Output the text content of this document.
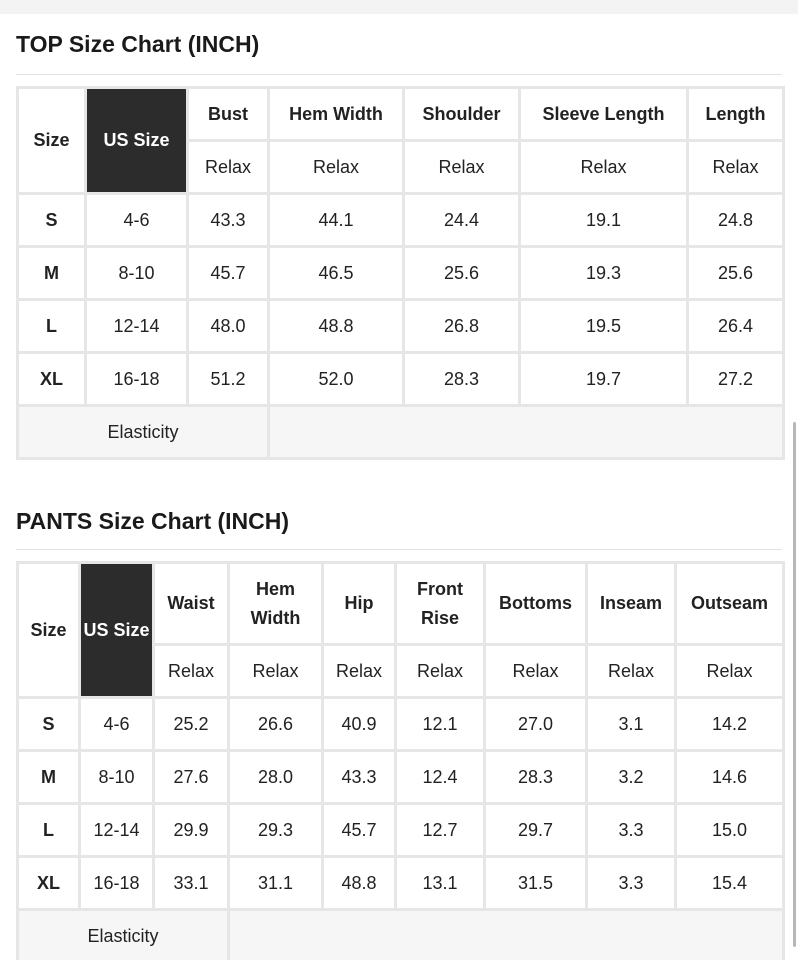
TOP Size Chart (INCH)
Size	US Size	Bust	Hem Width	Shoulder	Sleeve Length	Length
		Relax	Relax	Relax	Relax	Relax
S	4-6	43.3	44.1	24.4	19.1	24.8
M	8-10	45.7	46.5	25.6	19.3	25.6
L	12-14	48.0	48.8	26.8	19.5	26.4
XL	16-18	51.2	52.0	28.3	19.7	27.2
Elasticity						
PANTS Size Chart (INCH)
Size	US Size	Waist	Hem Width	Hip	Front Rise	Bottoms	Inseam	Outseam
		Relax	Relax	Relax	Relax	Relax	Relax	Relax
S	4-6	25.2	26.6	40.9	12.1	27.0	3.1	14.2
M	8-10	27.6	28.0	43.3	12.4	28.3	3.2	14.6
L	12-14	29.9	29.3	45.7	12.7	29.7	3.3	15.0
XL	16-18	33.1	31.1	48.8	13.1	31.5	3.3	15.4
Elasticity								
